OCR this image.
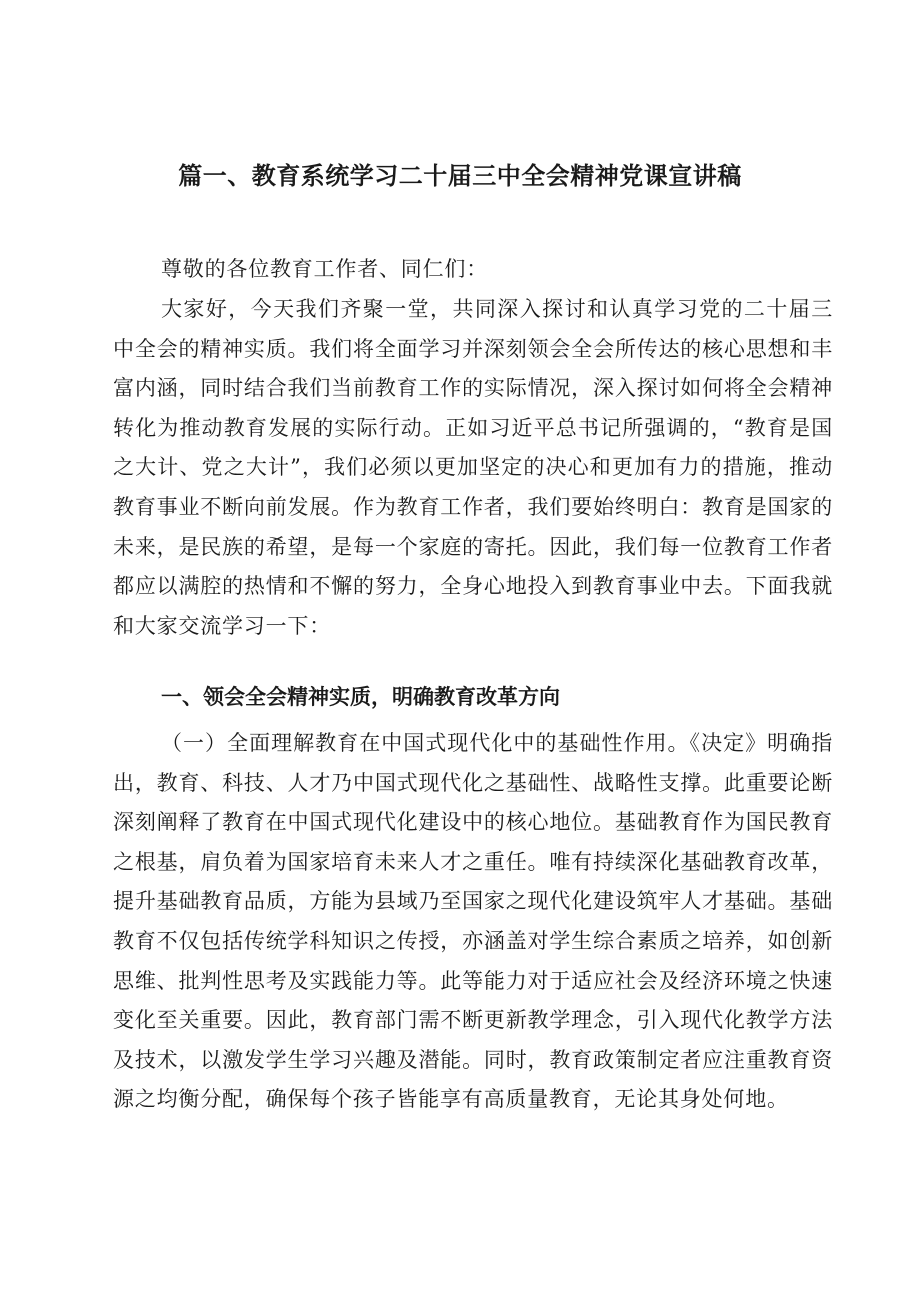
篇一、教育系统学习二十届三中全会精神党课宣讲稿
尊敬的各位教育工作者、同仁们：
大家好，今天我们齐聚一堂，共同深入探讨和认真学习党的二十届三中全会的精神实质。我们将全面学习并深刻领会全会所传达的核心思想和丰富内涵，同时结合我们当前教育工作的实际情况，深入探讨如何将全会精神转化为推动教育发展的实际行动。正如习近平总书记所强调的，“教育是国之大计、党之大计”，我们必须以更加坚定的决心和更加有力的措施，推动教育事业不断向前发展。作为教育工作者，我们要始终明白：教育是国家的未来，是民族的希望，是每一个家庭的寄托。因此，我们每一位教育工作者都应以满腔的热情和不懈的努力，全身心地投入到教育事业中去。下面我就和大家交流学习一下：
一、领会全会精神实质，明确教育改革方向
（一）全面理解教育在中国式现代化中的基础性作用。《决定》明确指出，教育、科技、人才乃中国式现代化之基础性、战略性支撑。此重要论断深刻阐释了教育在中国式现代化建设中的核心地位。基础教育作为国民教育之根基，肩负着为国家培育未来人才之重任。唯有持续深化基础教育改革，提升基础教育品质，方能为县域乃至国家之现代化建设筑牢人才基础。基础教育不仅包括传统学科知识之传授，亦涵盖对学生综合素质之培养，如创新思维、批判性思考及实践能力等。此等能力对于适应社会及经济环境之快速变化至关重要。因此，教育部门需不断更新教学理念，引入现代化教学方法及技术，以激发学生学习兴趣及潜能。同时，教育政策制定者应注重教育资源之均衡分配，确保每个孩子皆能享有高质量教育，无论其身处何地。
